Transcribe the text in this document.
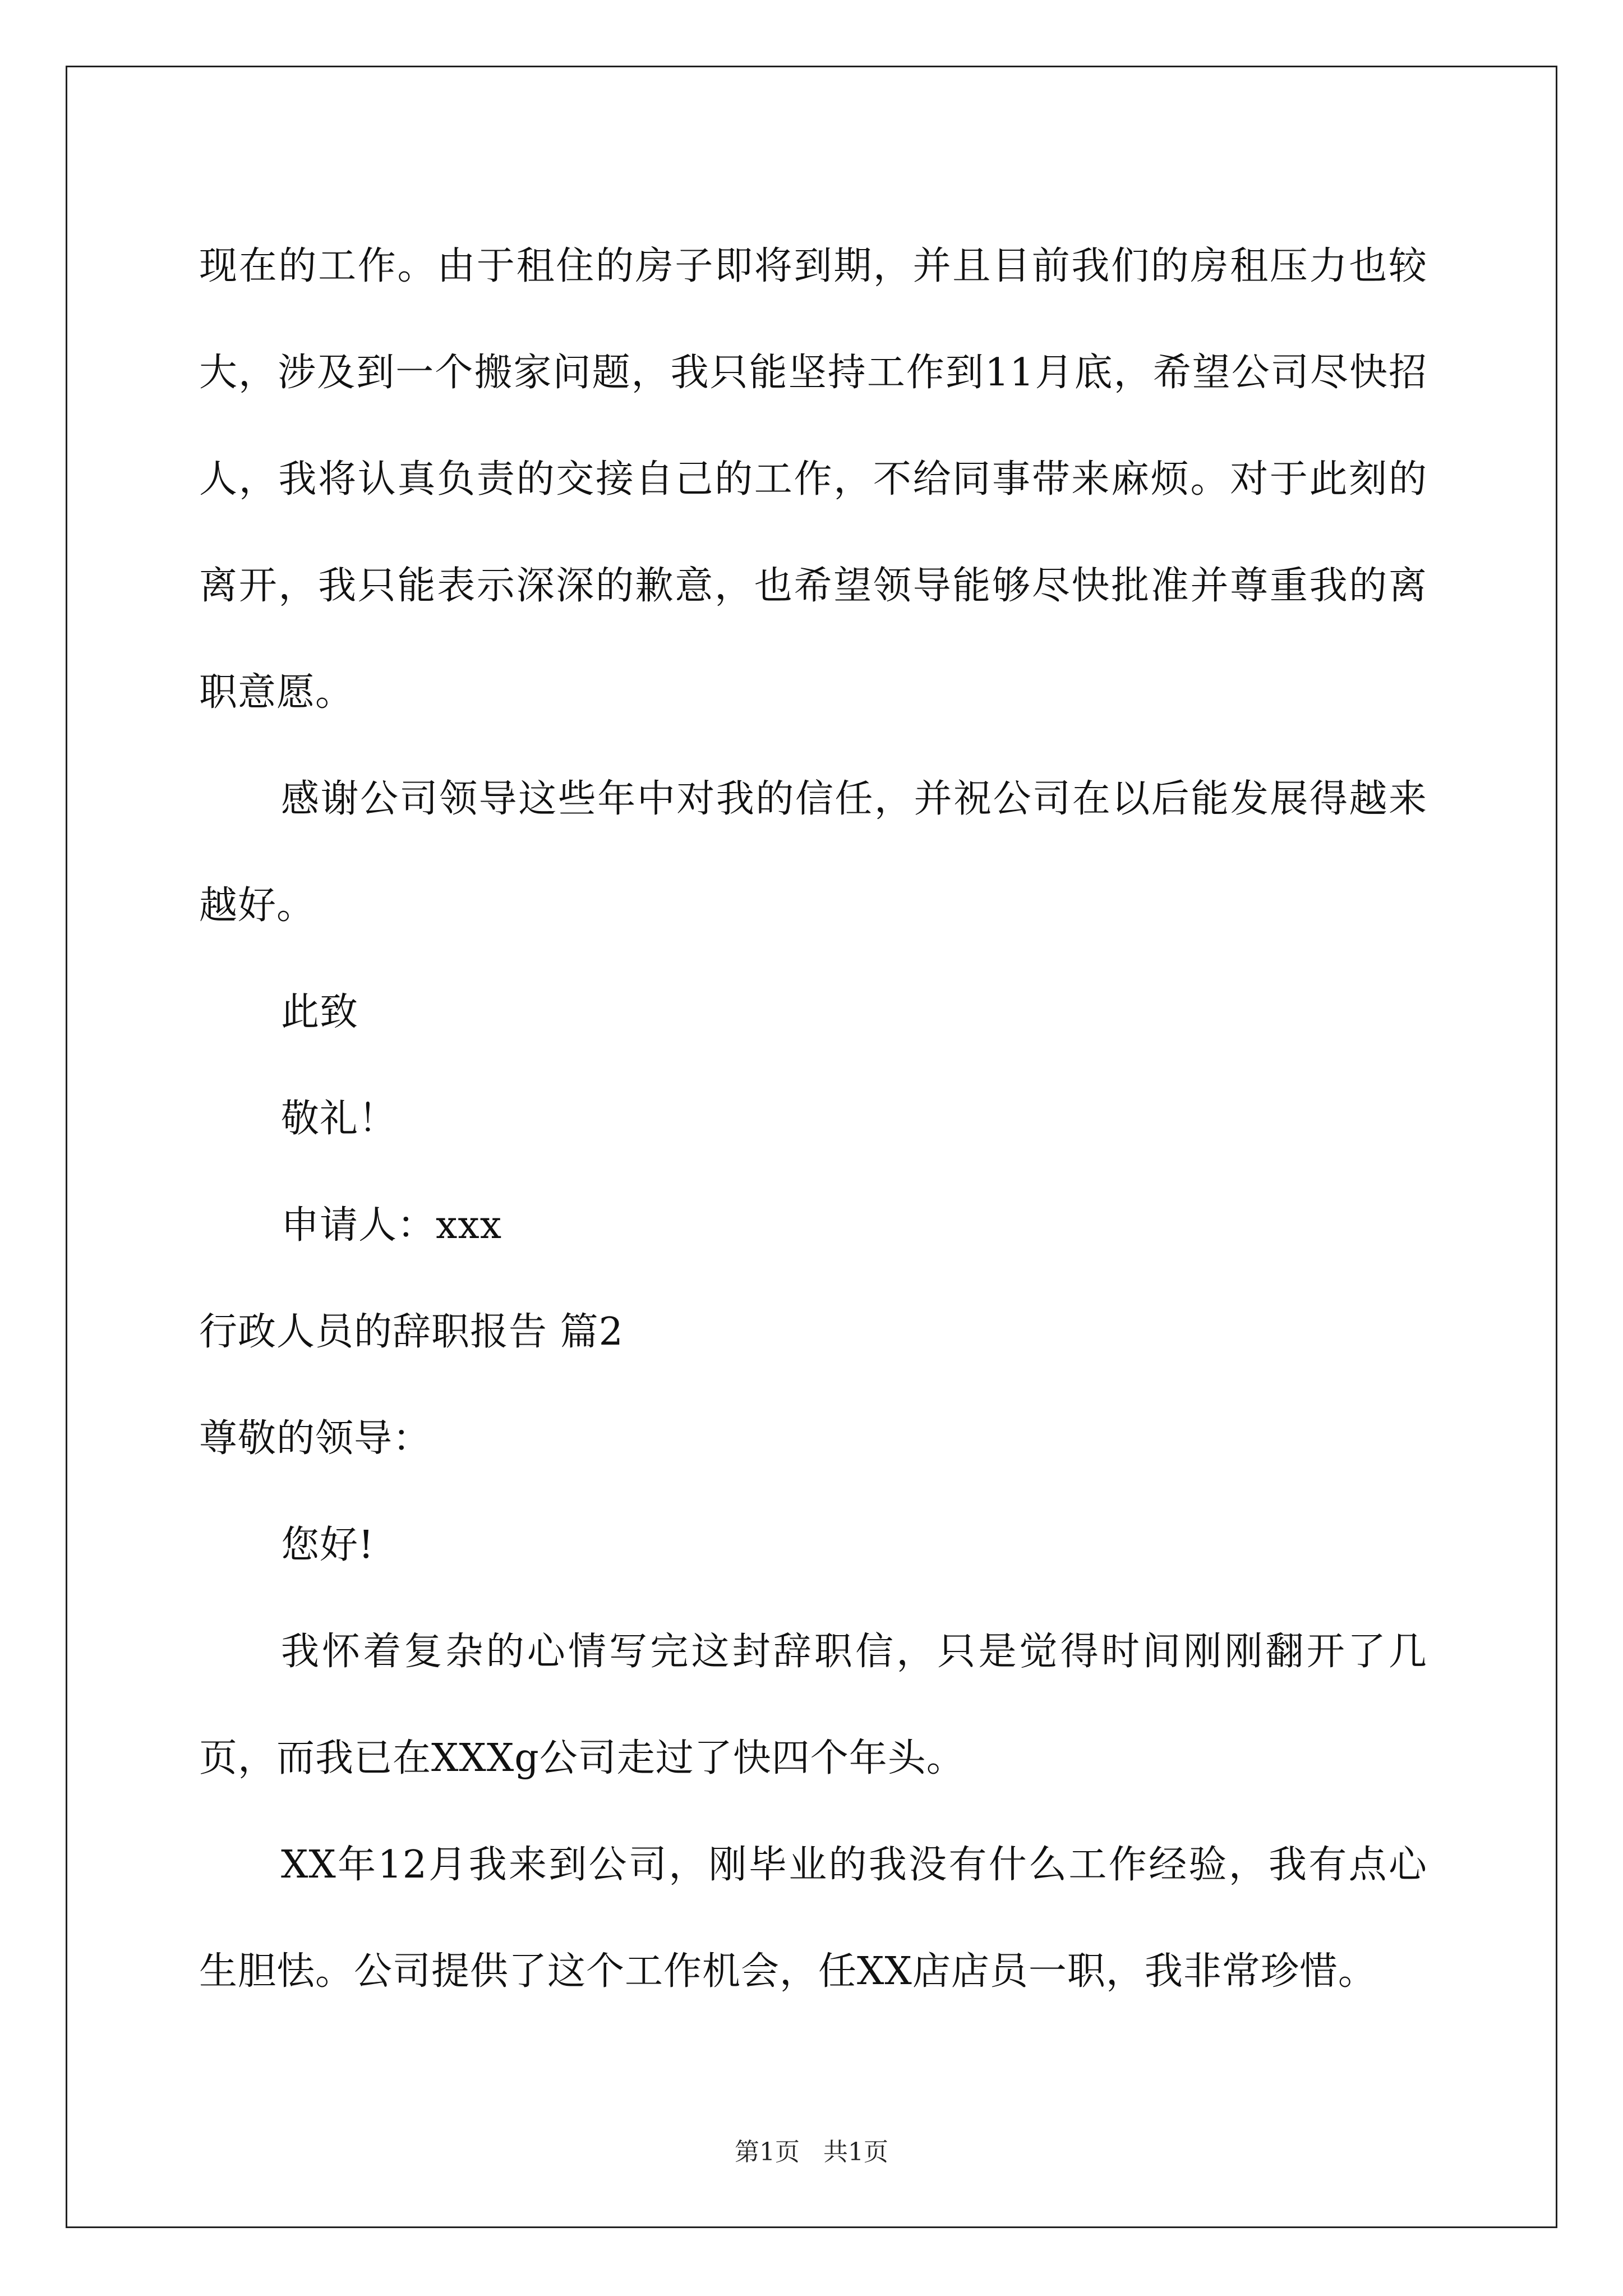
现在的工作。由于租住的房子即将到期，并且目前我们的房租压力也较大，涉及到一个搬家问题，我只能坚持工作到11月底，希望公司尽快招人，我将认真负责的交接自己的工作，不给同事带来麻烦。对于此刻的离开，我只能表示深深的歉意，也希望领导能够尽快批准并尊重我的离职意愿。

感谢公司领导这些年中对我的信任，并祝公司在以后能发展得越来越好。

此致

敬礼！

申请人：xxx

行政人员的辞职报告 篇2

尊敬的领导：

您好!

我怀着复杂的心情写完这封辞职信，只是觉得时间刚刚翻开了几页，而我已在XXXg公司走过了快四个年头。

XX年12月我来到公司，刚毕业的我没有什么工作经验，我有点心生胆怯。公司提供了这个工作机会，任XX店店员一职，我非常珍惜。

第1页 共1页
